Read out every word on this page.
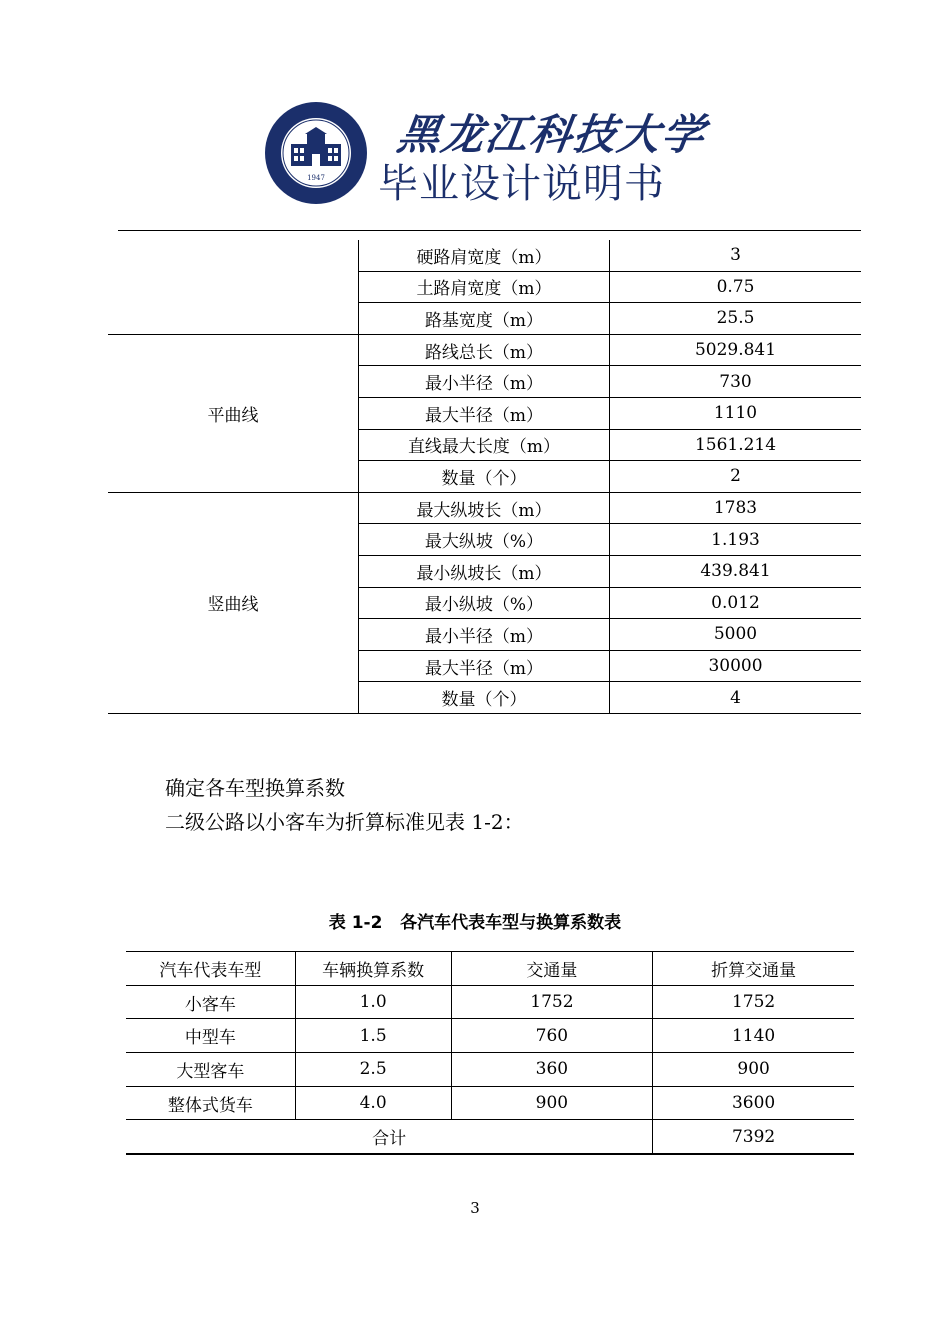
1947
黑龙江科技大学
毕业设计说明书
	硬路肩宽度（m）	3
	土路肩宽度（m）	0.75
	路基宽度（m）	25.5
平曲线	路线总长（m）	5029.841
	最小半径（m）	730
	最大半径（m）	1110
	直线最大长度（m）	1561.214
	数量（个）	2
竖曲线	最大纵坡长（m）	1783
	最大纵坡（%）	1.193
	最小纵坡长（m）	439.841
	最小纵坡（%）	0.012
	最小半径（m）	5000
	最大半径（m）	30000
	数量（个）	4
确定各车型换算系数
二级公路以小客车为折算标准见表 1-2：
表 1-2   各汽车代表车型与换算系数表
汽车代表车型	车辆换算系数	交通量	折算交通量
小客车	1.0	1752	1752
中型车	1.5	760	1140
大型客车	2.5	360	900
整体式货车	4.0	900	3600
合计			7392
3
